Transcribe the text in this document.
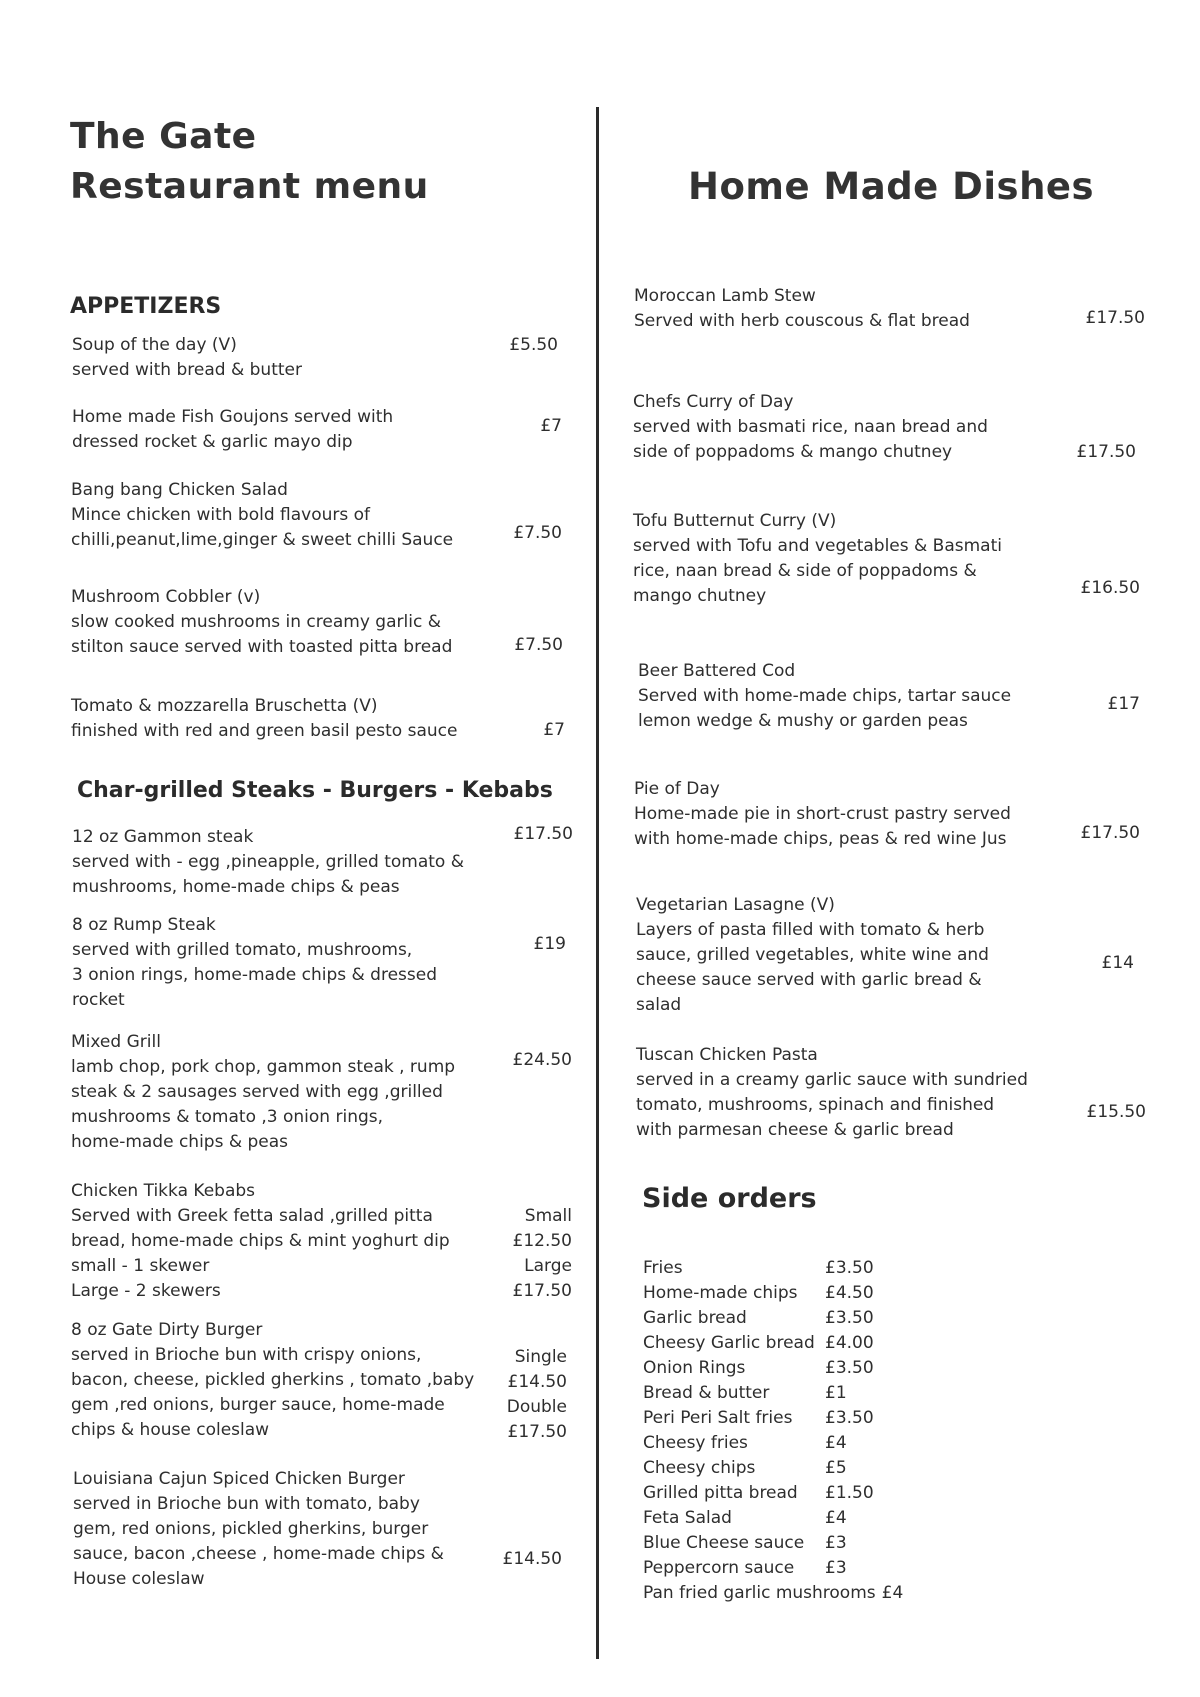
The Gate
Restaurant menu	Home Made Dishes
APPETIZERS
Soup of the day (V)
served with bread & butter
£5.50
Home made Fish Goujons served with
dressed rocket & garlic mayo dip
£7
Bang bang Chicken Salad
Mince chicken with bold flavours of
chilli,peanut,lime,ginger & sweet chilli Sauce	£7.50
Mushroom Cobbler (v)
slow cooked mushrooms in creamy garlic &
stilton sauce served with toasted pitta bread	£7.50
Tomato & mozzarella Bruschetta (V)
finished with red and green basil pesto sauce	£7
Char-grilled Steaks - Burgers - Kebabs
12 oz Gammon steak
served with - egg ,pineapple, grilled tomato &
mushrooms, home-made chips & peas
£17.50
8 oz Rump Steak
served with grilled tomato, mushrooms,
3 onion rings, home-made chips & dressed
rocket
£19
Mixed Grill
lamb chop, pork chop, gammon steak , rump
steak & 2 sausages served with egg ,grilled
mushrooms & tomato ,3 onion rings,
home-made chips & peas
£24.50
Chicken Tikka Kebabs
Served with Greek fetta salad ,grilled pitta
bread, home-made chips & mint yoghurt dip
small - 1 skewer
Large - 2 skewers
Small
£12.50
Large
£17.50
8 oz Gate Dirty Burger
served in Brioche bun with crispy onions,
bacon, cheese, pickled gherkins , tomato ,baby
gem ,red onions, burger sauce, home-made
chips & house coleslaw
Single
£14.50
Double
£17.50
Louisiana Cajun Spiced Chicken Burger
served in Brioche bun with tomato, baby
gem, red onions, pickled gherkins, burger
sauce, bacon ,cheese , home-made chips &
House coleslaw
£14.50
Moroccan Lamb Stew
Served with herb couscous & flat bread	£17.50
Chefs Curry of Day
served with basmati rice, naan bread and
side of poppadoms & mango chutney	£17.50
Tofu Butternut Curry (V)
served with Tofu and vegetables & Basmati
rice, naan bread & side of poppadoms &
mango chutney	£16.50
Beer Battered Cod
Served with home-made chips, tartar sauce
lemon wedge & mushy or garden peas
£17
Pie of Day
Home-made pie in short-crust pastry served
with home-made chips, peas & red wine Jus	£17.50
Vegetarian Lasagne (V)
Layers of pasta filled with tomato & herb
sauce, grilled vegetables, white wine and
cheese sauce served with garlic bread &
salad
£14
Tuscan Chicken Pasta
served in a creamy garlic sauce with sundried
tomato, mushrooms, spinach and finished
with parmesan cheese & garlic bread
£15.50
Side orders
Fries	£3.50
Home-made chips	£4.50
Garlic bread	£3.50
Cheesy Garlic bread £4.00
Onion Rings	£3.50
Bread & butter	£1
Peri Peri Salt fries	£3.50
Cheesy fries	£4
Cheesy chips	£5
Grilled pitta bread	£1.50
Feta Salad	£4
Blue Cheese sauce	£3
Peppercorn sauce	£3
Pan fried garlic mushrooms £4
